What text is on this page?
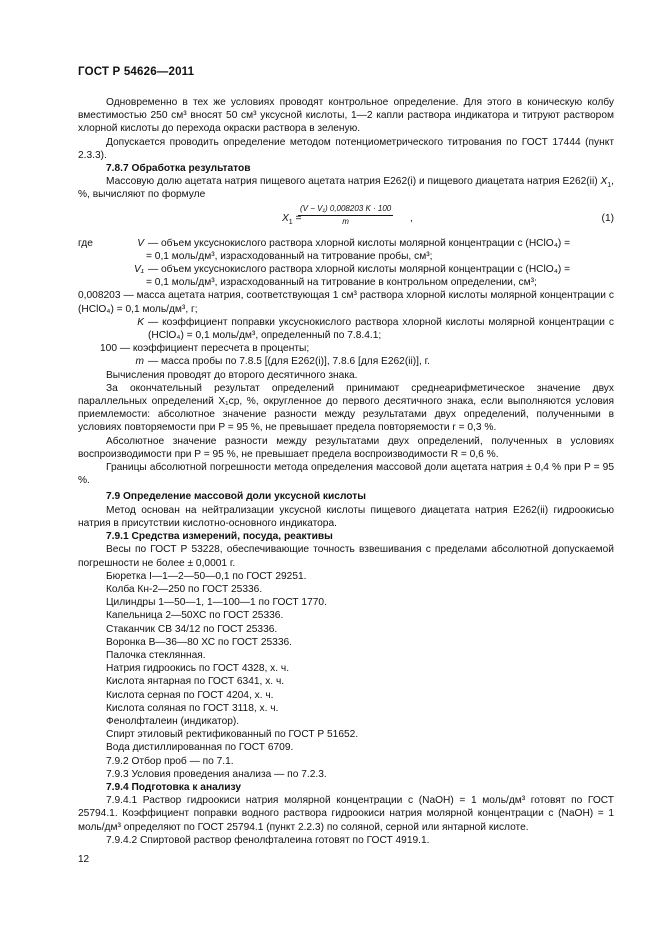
ГОСТ Р 54626—2011

Одновременно в тех же условиях проводят контрольное определение. Для этого в коническую колбу вместимостью 250 см³ вносят 50 см³ уксусной кислоты, 1—2 капли раствора индикатора и титруют раствором хлорной кислоты до перехода окраски раствора в зеленую.

Допускается проводить определение методом потенциометрического титрования по ГОСТ 17444 (пункт 2.3.3).

7.8.7 Обработка результатов

Массовую долю ацетата натрия пищевого ацетата натрия Е262(i) и пищевого диацетата натрия Е262(ii) $X_1$, %, вычисляют по формуле

$X_1$ =
$\frac{\text{(V − V₁) 0,008203 K · 100}}{m}$ ,	(1)
где	V — объем уксуснокислого раствора хлорной кислоты молярной концентрации c (HClO₄) =

= 0,1 моль/дм³, израсходованный на титрование пробы, см³;

V₁ — объем уксуснокислого раствора хлорной кислоты молярной концентрации c (HClO₄) =

= 0,1 моль/дм³, израсходованный на титрование в контрольном определении, см³;

0,008203 — масса ацетата натрия, соответствующая 1 см³ раствора хлорной кислоты молярной концентрации c (HClO₄) = 0,1 моль/дм³, г;

K — коэффициент поправки уксуснокислого раствора хлорной кислоты молярной концентрации c (HClO₄) = 0,1 моль/дм³, определенный по 7.8.4.1;

100 — коэффициент пересчета в проценты;

m — масса пробы по 7.8.5 [(для Е262(i)], 7.8.6 [для Е262(ii)], г.

Вычисления проводят до второго десятичного знака.

За окончательный результат определений принимают среднеарифметическое значение двух параллельных определений X₁ср, %, округленное до первого десятичного знака, если выполняются условия приемлемости: абсолютное значение разности между результатами двух определений, полученными в условиях повторяемости при P = 95 %, не превышает предела повторяемости r = 0,3 %.

Абсолютное значение разности между результатами двух определений, полученных в условиях воспроизводимости при P = 95 %, не превышает предела воспроизводимости R = 0,6 %.

Границы абсолютной погрешности метода определения массовой доли ацетата натрия ± 0,4 % при P = 95 %.

7.9 Определение массовой доли уксусной кислоты

Метод основан на нейтрализации уксусной кислоты пищевого диацетата натрия Е262(ii) гидроокисью натрия в присутствии кислотно-основного индикатора.

7.9.1 Средства измерений, посуда, реактивы

Весы по ГОСТ Р 53228, обеспечивающие точность взвешивания с пределами абсолютной допускаемой погрешности не более ± 0,0001 г.

Бюретка I—1—2—50—0,1 по ГОСТ 29251.

Колба Кн-2—250 по ГОСТ 25336.

Цилиндры 1—50—1, 1—100—1 по ГОСТ 1770.

Капельница 2—50ХС по ГОСТ 25336.

Стаканчик СВ 34/12 по ГОСТ 25336.

Воронка В—36—80 ХС по ГОСТ 25336.

Палочка стеклянная.

Натрия гидроокись по ГОСТ 4328, х. ч.

Кислота янтарная по ГОСТ 6341, х. ч.

Кислота серная по ГОСТ 4204, х. ч.

Кислота соляная по ГОСТ 3118, х. ч.

Фенолфталеин (индикатор).

Спирт этиловый ректификованный по ГОСТ Р 51652.

Вода дистиллированная по ГОСТ 6709.

7.9.2 Отбор проб — по 7.1.

7.9.3 Условия проведения анализа — по 7.2.3.

7.9.4 Подготовка к анализу

7.9.4.1 Раствор гидроокиси натрия молярной концентрации c (NaOH) = 1 моль/дм³ готовят по ГОСТ 25794.1. Коэффициент поправки водного раствора гидроокиси натрия молярной концентрации c (NaOH) = 1 моль/дм³ определяют по ГОСТ 25794.1 (пункт 2.2.3) по соляной, серной или янтарной кислоте.

7.9.4.2 Спиртовой раствор фенолфталеина готовят по ГОСТ 4919.1.

12
